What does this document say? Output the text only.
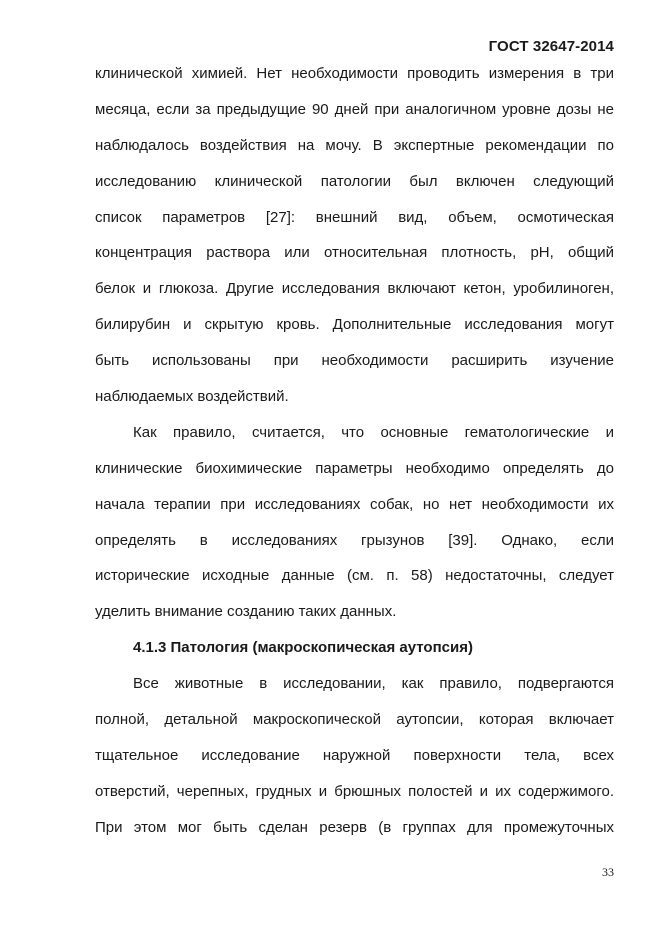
ГОСТ 32647-2014
клинической химией. Нет необходимости проводить измерения в три
месяца, если за предыдущие 90 дней при аналогичном уровне дозы не
наблюдалось воздействия на мочу. В экспертные рекомендации по
исследованию клинической патологии был включен следующий
список параметров [27]: внешний вид, объем, осмотическая
концентрация раствора или относительная плотность, pH, общий
белок и глюкоза. Другие исследования включают кетон, уробилиноген,
билирубин и скрытую кровь. Дополнительные исследования могут
быть использованы при необходимости расширить изучение
наблюдаемых воздействий.
Как правило, считается, что основные гематологические и
клинические биохимические параметры необходимо определять до
начала терапии при исследованиях собак, но нет необходимости их
определять в исследованиях грызунов [39]. Однако, если
исторические исходные данные (см. п. 58) недостаточны, следует
уделить внимание созданию таких данных.
4.1.3 Патология (макроскопическая аутопсия)
Все животные в исследовании, как правило, подвергаются
полной, детальной макроскопической аутопсии, которая включает
тщательное исследование наружной поверхности тела, всех
отверстий, черепных, грудных и брюшных полостей и их содержимого.
При этом мог быть сделан резерв (в группах для промежуточных
33
